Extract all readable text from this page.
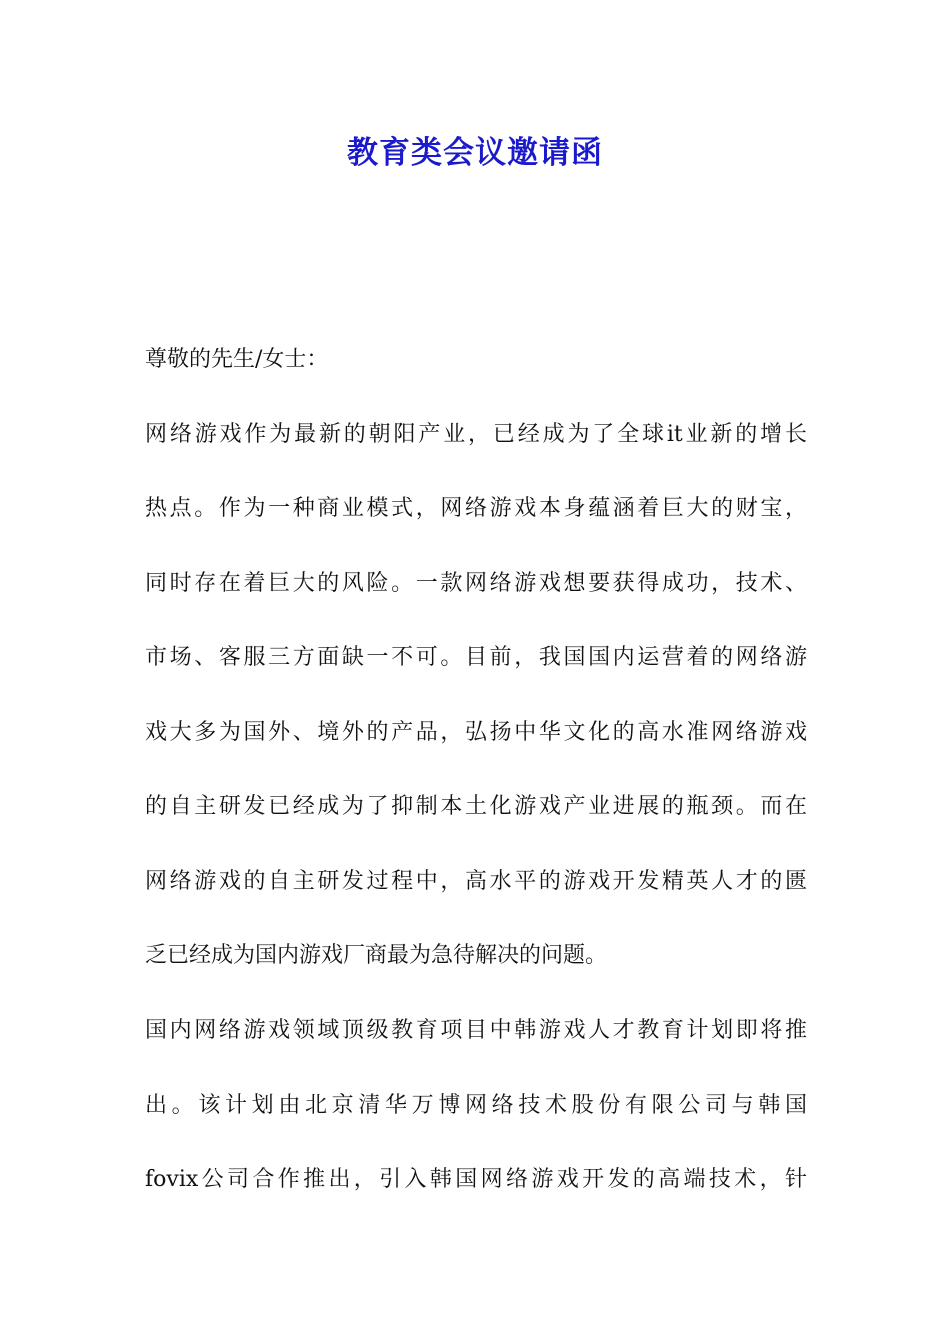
教育类会议邀请函
尊敬的先生/女士：
网络游戏作为最新的朝阳产业，已经成为了全球it业新的增长
热点。作为一种商业模式，网络游戏本身蕴涵着巨大的财宝，
同时存在着巨大的风险。一款网络游戏想要获得成功，技术、
市场、客服三方面缺一不可。目前，我国国内运营着的网络游
戏大多为国外、境外的产品，弘扬中华文化的高水准网络游戏
的自主研发已经成为了抑制本土化游戏产业进展的瓶颈。而在
网络游戏的自主研发过程中，高水平的游戏开发精英人才的匮
乏已经成为国内游戏厂商最为急待解决的问题。
国内网络游戏领域顶级教育项目中韩游戏人才教育计划即将推
出。该计划由北京清华万博网络技术股份有限公司与韩国
fovix公司合作推出，引入韩国网络游戏开发的高端技术，针
